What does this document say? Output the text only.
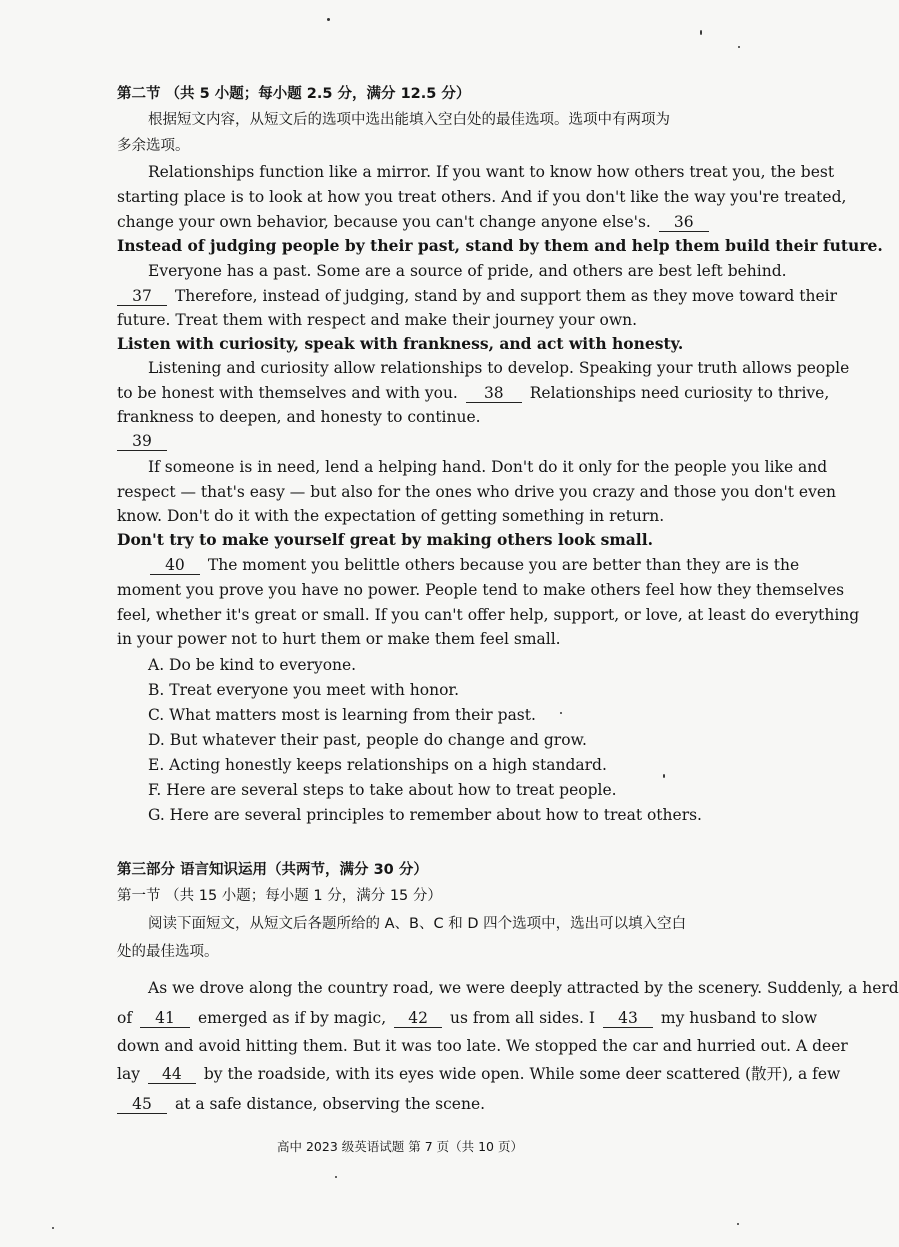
第二节 （共 5 小题；每小题 2.5 分，满分 12.5 分）
根据短文内容，从短文后的选项中选出能填入空白处的最佳选项。选项中有两项为
多余选项。
Relationships function like a mirror. If you want to know how others treat you, the best
starting place is to look at how you treat others. And if you don't like the way you're treated,
change your own behavior, because you can't change anyone else's. 36
Instead of judging people by their past, stand by them and help them build their future.
Everyone has a past. Some are a source of pride, and others are best left behind.
37 Therefore, instead of judging, stand by and support them as they move toward their
future. Treat them with respect and make their journey your own.
Listen with curiosity, speak with frankness, and act with honesty.
Listening and curiosity allow relationships to develop. Speaking your truth allows people
to be honest with themselves and with you. 38 Relationships need curiosity to thrive,
frankness to deepen, and honesty to continue.
39
If someone is in need, lend a helping hand. Don't do it only for the people you like and
respect — that's easy — but also for the ones who drive you crazy and those you don't even
know. Don't do it with the expectation of getting something in return.
Don't try to make yourself great by making others look small.
40 The moment you belittle others because you are better than they are is the
moment you prove you have no power. People tend to make others feel how they themselves
feel, whether it's great or small. If you can't offer help, support, or love, at least do everything
in your power not to hurt them or make them feel small.
A. Do be kind to everyone.
B. Treat everyone you meet with honor.
C. What matters most is learning from their past.
D. But whatever their past, people do change and grow.
E. Acting honestly keeps relationships on a high standard.
F. Here are several steps to take about how to treat people.
G. Here are several principles to remember about how to treat others.
第三部分 语言知识运用（共两节，满分 30 分）
第一节 （共 15 小题；每小题 1 分，满分 15 分）
阅读下面短文，从短文后各题所给的 A、B、C 和 D 四个选项中，选出可以填入空白
处的最佳选项。
As we drove along the country road, we were deeply attracted by the scenery. Suddenly, a herd
of 41 emerged as if by magic, 42 us from all sides. I 43 my husband to slow
down and avoid hitting them. But it was too late. We stopped the car and hurried out. A deer
lay 44 by the roadside, with its eyes wide open. While some deer scattered (散开), a few
45 at a safe distance, observing the scene.
高中 2023 级英语试题 第 7 页（共 10 页）
